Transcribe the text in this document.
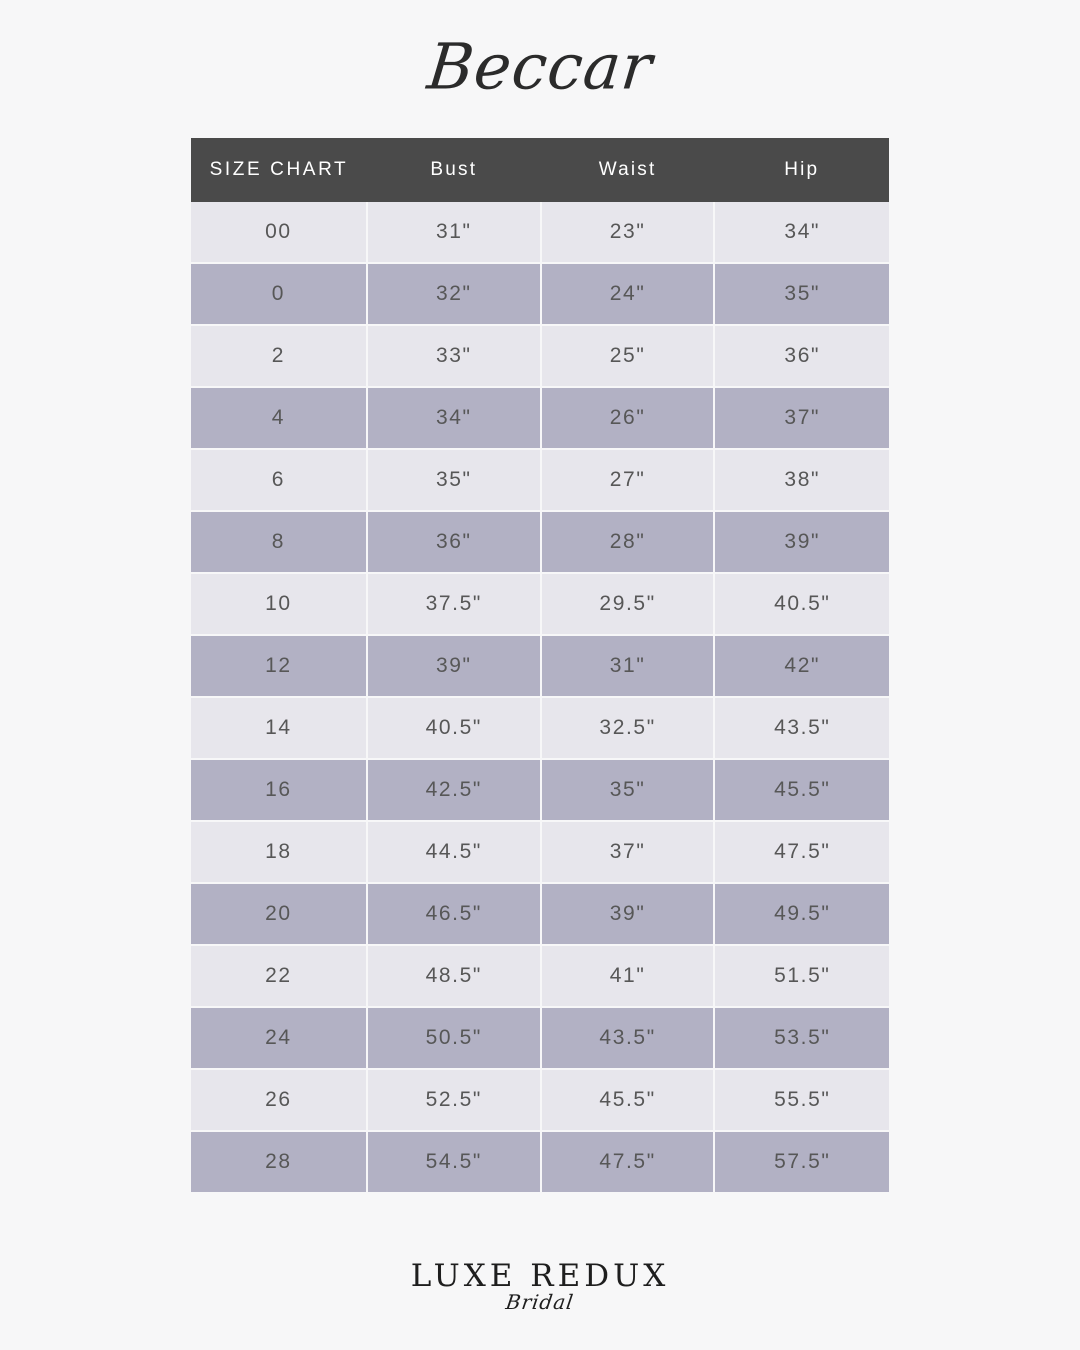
Beccar
SIZE CHART	Bust	Waist	Hip
00	31"	23"	34"
0	32"	24"	35"
2	33"	25"	36"
4	34"	26"	37"
6	35"	27"	38"
8	36"	28"	39"
10	37.5"	29.5"	40.5"
12	39"	31"	42"
14	40.5"	32.5"	43.5"
16	42.5"	35"	45.5"
18	44.5"	37"	47.5"
20	46.5"	39"	49.5"
22	48.5"	41"	51.5"
24	50.5"	43.5"	53.5"
26	52.5"	45.5"	55.5"
28	54.5"	47.5"	57.5"
LUXE REDUX
Bridal
